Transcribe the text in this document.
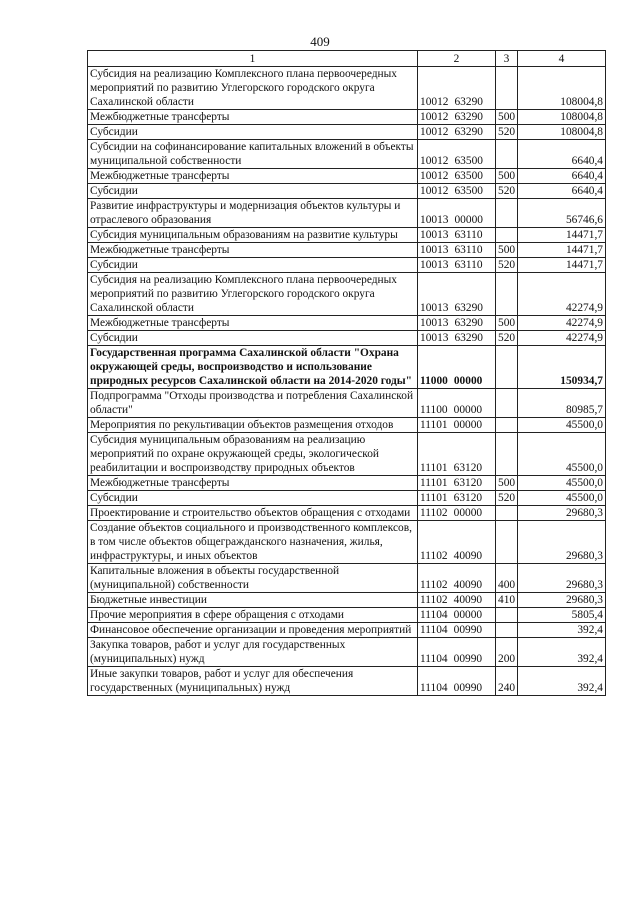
409
1	2	3	4
Субсидия на реализацию Комплексного плана первоочередных мероприятий по развитию Углегорского городского округа Сахалинской области	10012 63290		108004,8
Межбюджетные трансферты	10012 63290	500	108004,8
Субсидии	10012 63290	520	108004,8
Субсидии на софинансирование капитальных вложений в объекты муниципальной собственности	10012 63500		6640,4
Межбюджетные трансферты	10012 63500	500	6640,4
Субсидии	10012 63500	520	6640,4
Развитие инфраструктуры и модернизация объектов культуры и отраслевого образования	10013 00000		56746,6
Субсидия муниципальным образованиям на развитие культуры	10013 63110		14471,7
Межбюджетные трансферты	10013 63110	500	14471,7
Субсидии	10013 63110	520	14471,7
Субсидия на реализацию Комплексного плана первоочередных мероприятий по развитию Углегорского городского округа Сахалинской области	10013 63290		42274,9
Межбюджетные трансферты	10013 63290	500	42274,9
Субсидии	10013 63290	520	42274,9
Государственная программа Сахалинской области "Охрана окружающей среды, воспроизводство и использование природных ресурсов Сахалинской области на 2014-2020 годы"	11000 00000		150934,7
Подпрограмма "Отходы производства и потребления Сахалинской области"	11100 00000		80985,7
Мероприятия по рекультивации объектов размещения отходов	11101 00000		45500,0
Субсидия муниципальным образованиям на реализацию мероприятий по охране окружающей среды, экологической реабилитации и воспроизводству природных объектов	11101 63120		45500,0
Межбюджетные трансферты	11101 63120	500	45500,0
Субсидии	11101 63120	520	45500,0
Проектирование и строительство объектов обращения с отходами	11102 00000		29680,3
Создание объектов социального и производственного комплексов, в том числе объектов общегражданского назначения, жилья, инфраструктуры, и иных объектов	11102 40090		29680,3
Капитальные вложения в объекты государственной (муниципальной) собственности	11102 40090	400	29680,3
Бюджетные инвестиции	11102 40090	410	29680,3
Прочие мероприятия в сфере обращения с отходами	11104 00000		5805,4
Финансовое обеспечение организации и проведения мероприятий	11104 00990		392,4
Закупка товаров, работ и услуг для государственных (муниципальных) нужд	11104 00990	200	392,4
Иные закупки товаров, работ и услуг для обеспечения государственных (муниципальных) нужд	11104 00990	240	392,4
